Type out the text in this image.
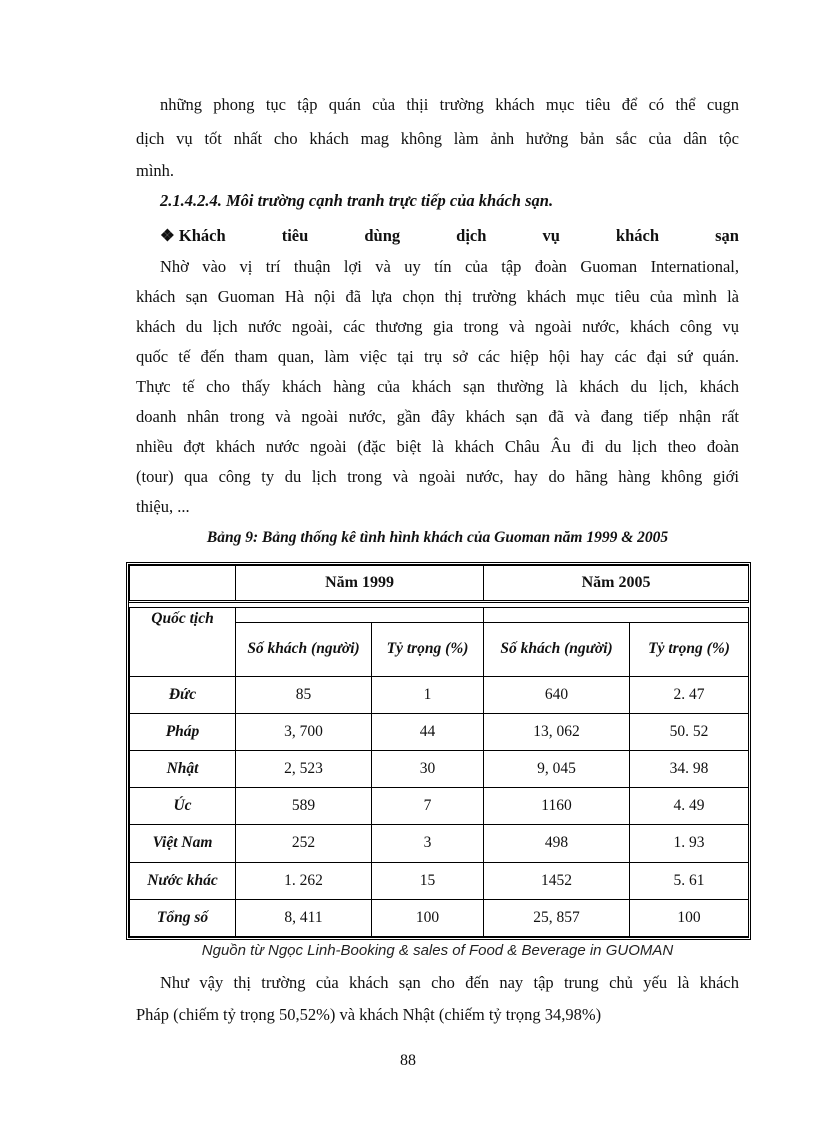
những phong tục tập quán của thịi trường khách mục tiêu để có thể cugn

dịch vụ tốt nhất cho khách mag không làm ảnh hưởng bản sắc của dân tộc

mình.

2.1.4.2.4. Môi trường cạnh tranh trực tiếp của khách sạn.

❖ Khách	tiêu	dùng	dịch	vụ	khách	sạn

Nhờ vào vị trí thuận lợi và uy tín của tập đoàn Guoman International,

khách sạn Guoman Hà nội đã lựa chọn thị trường khách mục tiêu của mình là

khách du lịch nước ngoài, các thương gia trong và ngoài nước, khách công vụ

quốc tế đến tham quan, làm việc tại trụ sở các hiệp hội hay các đại sứ quán.

Thực tế cho thấy khách hàng của khách sạn thường là khách du lịch, khách

doanh nhân trong và ngoài nước, gần đây khách sạn đã và đang tiếp nhận rất

nhiều đợt khách nước ngoài (đặc biệt là khách Châu Âu đi du lịch theo đoàn

(tour) qua công ty du lịch trong và ngoài nước, hay do hãng hàng không giới

thiệu, ...

Bảng 9: Bảng thống kê tình hình khách của Guoman năm 1999 & 2005

	Năm 1999		Năm 2005	

Quốc tịch				
	Số khách (người)	Tỷ trọng (%)	Số khách (người)	Tỷ trọng (%)
Đức	85	1	640	2. 47
Pháp	3, 700	44	13, 062	50. 52
Nhật	2, 523	30	9, 045	34. 98
Úc	589	7	1160	4. 49
Việt Nam	252	3	498	1. 93
Nước khác	1. 262	15	1452	5. 61
Tổng số	8, 411	100	25, 857	100
Nguồn từ Ngọc Linh-Booking & sales of Food & Beverage in GUOMAN

Như vậy thị trường của khách sạn cho đến nay tập trung chủ yếu là khách

Pháp (chiếm tỷ trọng 50,52%) và khách Nhật (chiếm tỷ trọng 34,98%)

88
